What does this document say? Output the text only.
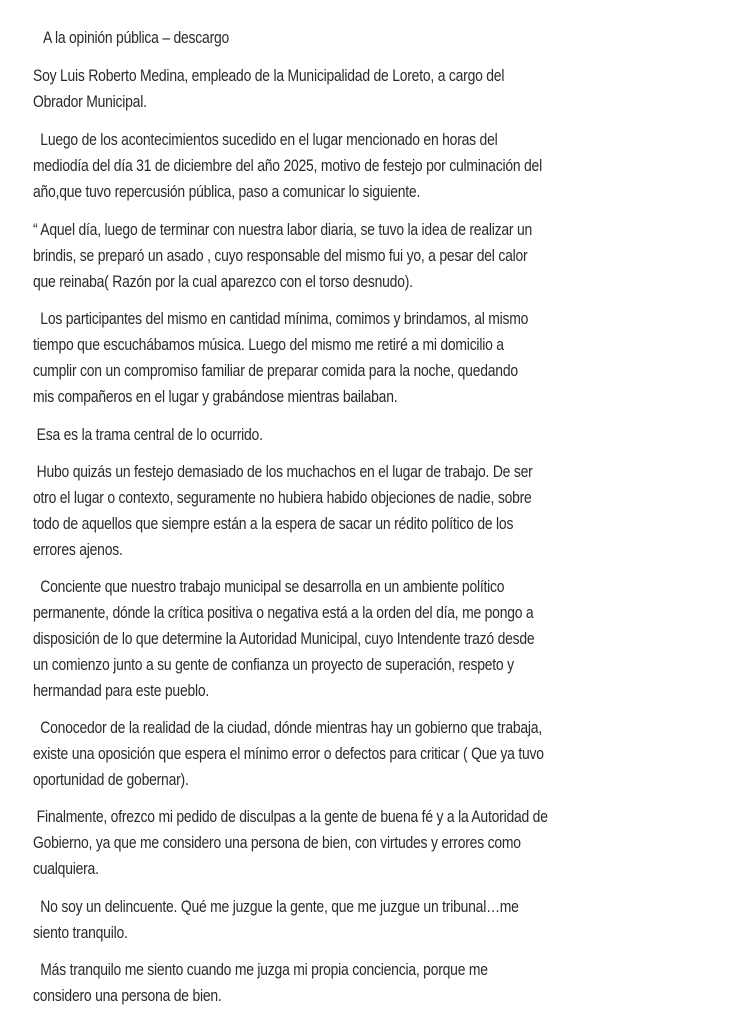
A la opinión pública – descargo
Soy Luis Roberto Medina, empleado de la Municipalidad de Loreto, a cargo del
Obrador Municipal.
Luego de los acontecimientos sucedido en el lugar mencionado en horas del
mediodía del día 31 de diciembre del año 2025, motivo de festejo por culminación del
año,que tuvo repercusión pública, paso a comunicar lo siguiente.
“ Aquel día, luego de terminar con nuestra labor diaria, se tuvo la idea de realizar un
brindis, se preparó un asado , cuyo responsable del mismo fui yo, a pesar del calor
que reinaba( Razón por la cual aparezco con el torso desnudo).
Los participantes del mismo en cantidad mínima, comimos y brindamos, al mismo
tiempo que escuchábamos música. Luego del mismo me retiré a mi domicilio a
cumplir con un compromiso familiar de preparar comida para la noche, quedando
mis compañeros en el lugar y grabándose mientras bailaban.
Esa es la trama central de lo ocurrido.
Hubo quizás un festejo demasiado de los muchachos en el lugar de trabajo. De ser
otro el lugar o contexto, seguramente no hubiera habido objeciones de nadie, sobre
todo de aquellos que siempre están a la espera de sacar un rédito político de los
errores ajenos.
Conciente que nuestro trabajo municipal se desarrolla en un ambiente político
permanente, dónde la crítica positiva o negativa está a la orden del día, me pongo a
disposición de lo que determine la Autoridad Municipal, cuyo Intendente trazó desde
un comienzo junto a su gente de confianza un proyecto de superación, respeto y
hermandad para este pueblo.
Conocedor de la realidad de la ciudad, dónde mientras hay un gobierno que trabaja,
existe una oposición que espera el mínimo error o defectos para criticar ( Que ya tuvo
oportunidad de gobernar).
Finalmente, ofrezco mi pedido de disculpas a la gente de buena fé y a la Autoridad de
Gobierno, ya que me considero una persona de bien, con virtudes y errores como
cualquiera.
No soy un delincuente. Qué me juzgue la gente, que me juzgue un tribunal…me
siento tranquilo.
Más tranquilo me siento cuando me juzga mi propia conciencia, porque me
considero una persona de bien.
